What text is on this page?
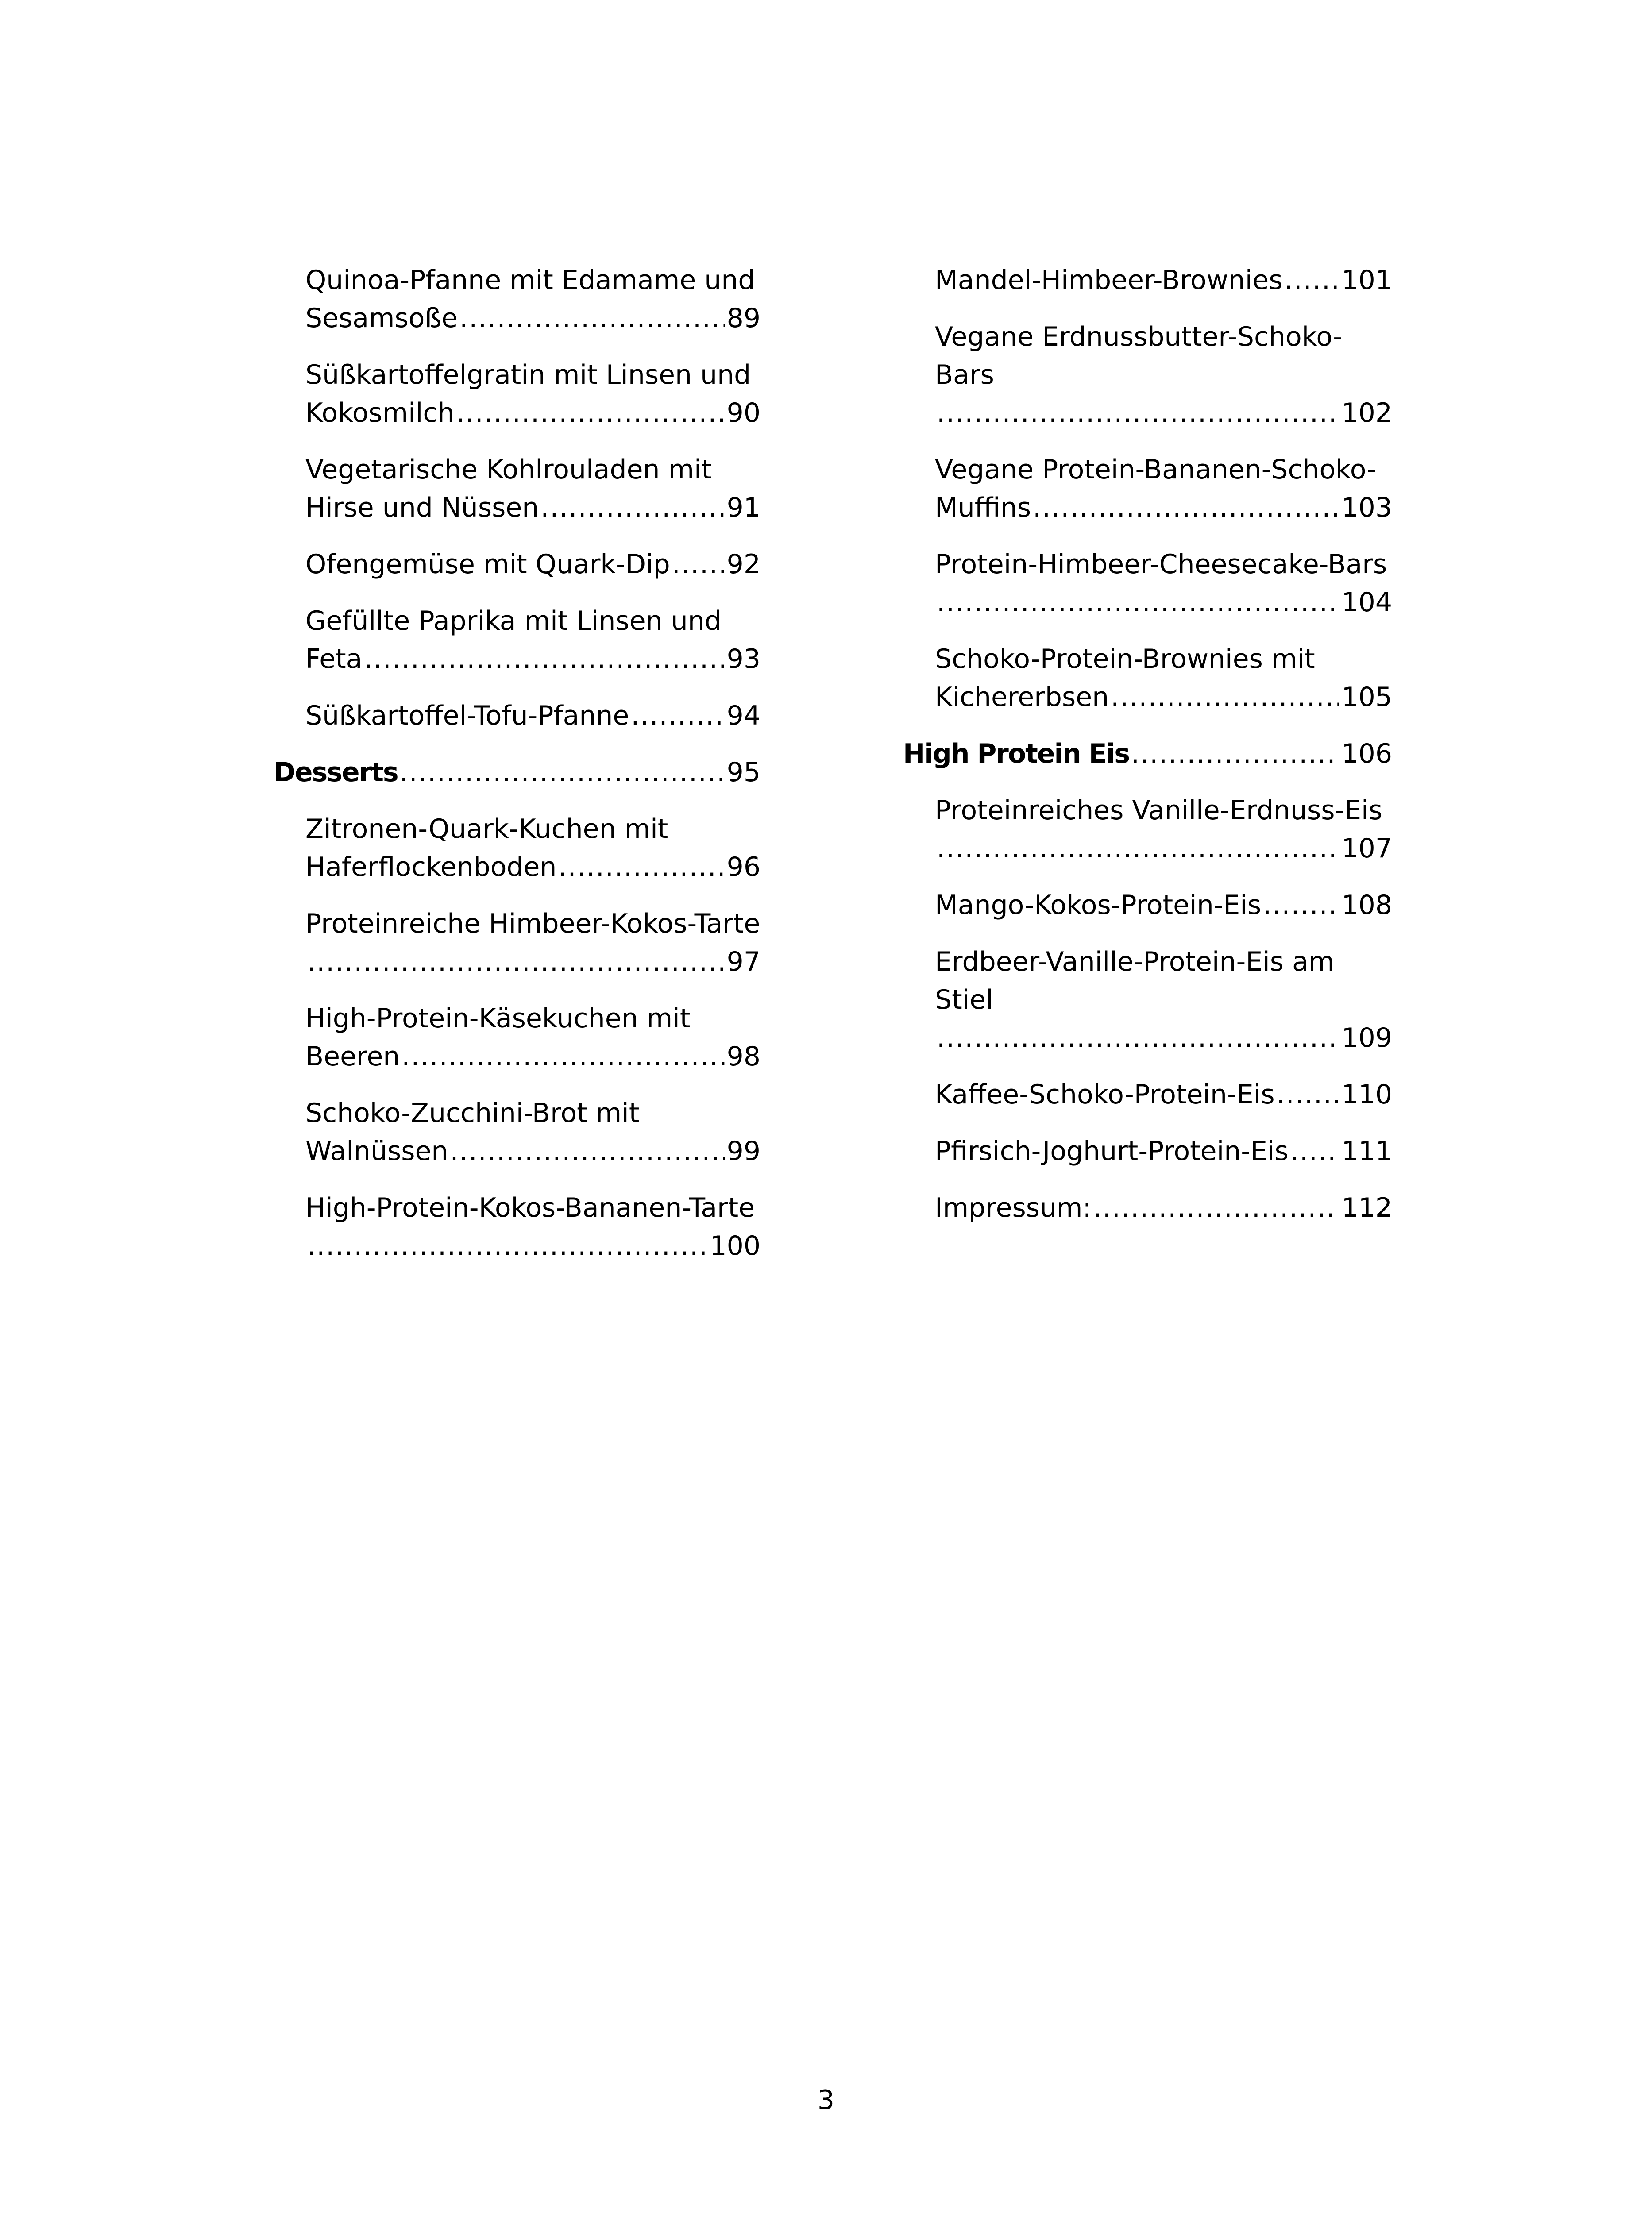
Quinoa-Pfanne mit Edamame und
Sesamsoße .....	89
Süßkartoffelgratin mit Linsen und
Kokosmilch .....	90
Vegetarische Kohlrouladen mit
Hirse und Nüssen .....	91
Ofengemüse mit Quark-Dip ..... 92
Gefüllte Paprika mit Linsen und
Feta .....	93
Süßkartoffel-Tofu-Pfanne .....	94
Desserts .....	95
Zitronen-Quark-Kuchen mit
Haferflockenboden .....	96
Proteinreiche Himbeer-Kokos-Tarte
.....
97
High-Protein-Käsekuchen mit
Beeren .....	98
Schoko-Zucchini-Brot mit
Walnüssen .....	99
High-Protein-Kokos-Bananen-Tarte
.....
100
Mandel-Himbeer-Brownies ..... 101
Vegane Erdnussbutter-Schoko-Bars
.....
102
Vegane Protein-Bananen-Schoko-
Muffins .....	103
Protein-Himbeer-Cheesecake-Bars
.....
104
Schoko-Protein-Brownies mit
Kichererbsen .....	105
High Protein Eis .....	106
Proteinreiches Vanille-Erdnuss-Eis
.....
107
Mango-Kokos-Protein-Eis .....	108
Erdbeer-Vanille-Protein-Eis am Stiel
.....
109
Kaffee-Schoko-Protein-Eis .....	110
Pfirsich-Joghurt-Protein-Eis ..... 111
Impressum: .....	112
3
